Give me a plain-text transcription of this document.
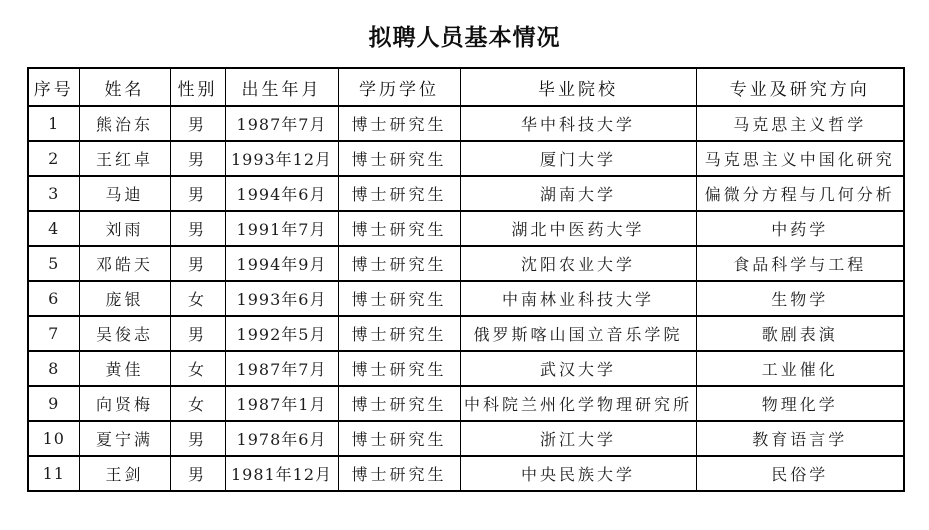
拟聘人员基本情况
序号	姓名	性别	出生年月	学历学位	毕业院校	专业及研究方向
1	熊治东	男	1987年7月	博士研究生	华中科技大学	马克思主义哲学
2	王红卓	男	1993年12月	博士研究生	厦门大学	马克思主义中国化研究
3	马迪	男	1994年6月	博士研究生	湖南大学	偏微分方程与几何分析
4	刘雨	男	1991年7月	博士研究生	湖北中医药大学	中药学
5	邓皓天	男	1994年9月	博士研究生	沈阳农业大学	食品科学与工程
6	庞银	女	1993年6月	博士研究生	中南林业科技大学	生物学
7	吴俊志	男	1992年5月	博士研究生	俄罗斯喀山国立音乐学院	歌剧表演
8	黄佳	女	1987年7月	博士研究生	武汉大学	工业催化
9	向贤梅	女	1987年1月	博士研究生	中科院兰州化学物理研究所	物理化学
10	夏宁满	男	1978年6月	博士研究生	浙江大学	教育语言学
11	王剑	男	1981年12月	博士研究生	中央民族大学	民俗学
